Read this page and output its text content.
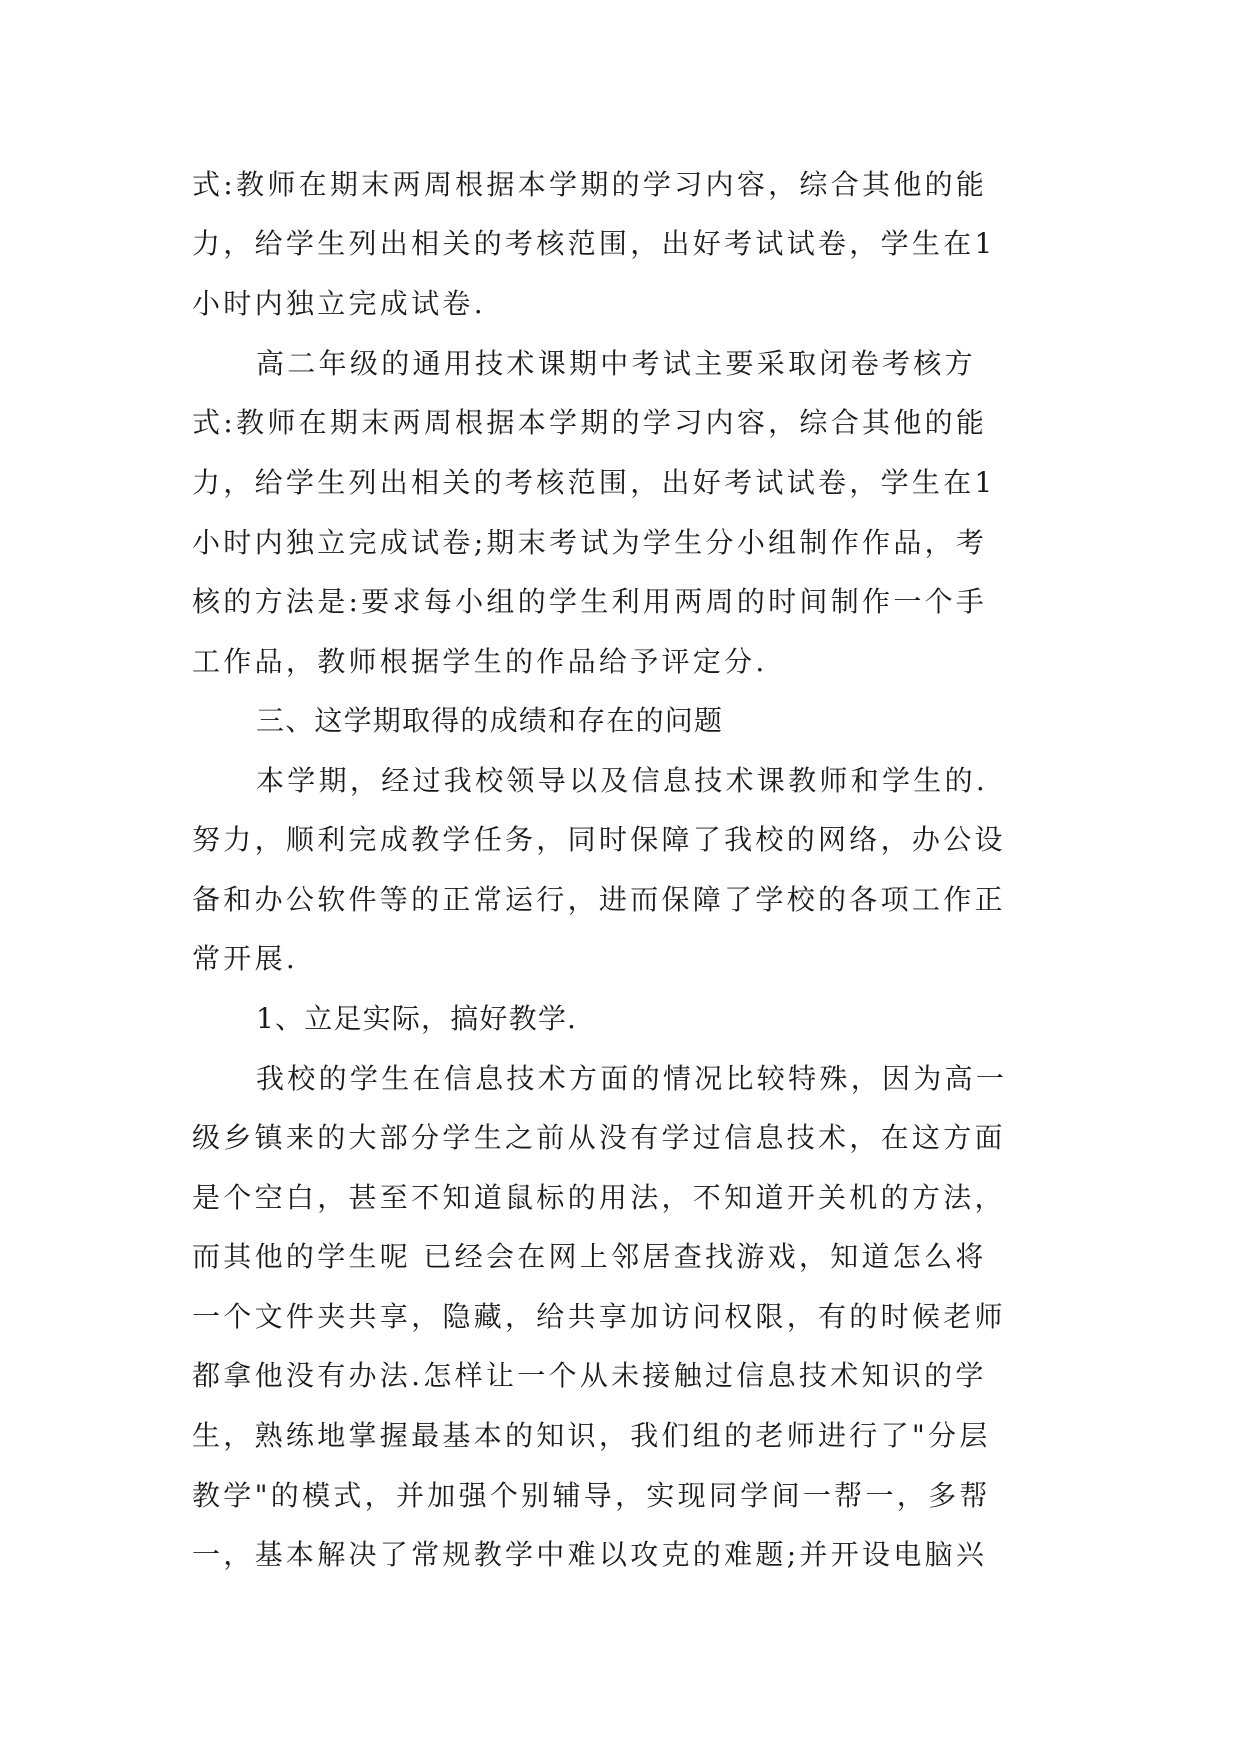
式:教师在期末两周根据本学期的学习内容，综合其他的能

力，给学生列出相关的考核范围，出好考试试卷，学生在1

小时内独立完成试卷.

高二年级的通用技术课期中考试主要采取闭卷考核方

式:教师在期末两周根据本学期的学习内容，综合其他的能

力，给学生列出相关的考核范围，出好考试试卷，学生在1

小时内独立完成试卷;期末考试为学生分小组制作作品，考

核的方法是:要求每小组的学生利用两周的时间制作一个手

工作品，教师根据学生的作品给予评定分.

三、这学期取得的成绩和存在的问题

本学期，经过我校领导以及信息技术课教师和学生的.

努力，顺利完成教学任务，同时保障了我校的网络，办公设

备和办公软件等的正常运行，进而保障了学校的各项工作正

常开展.

1、立足实际，搞好教学.

我校的学生在信息技术方面的情况比较特殊，因为高一

级乡镇来的大部分学生之前从没有学过信息技术，在这方面

是个空白，甚至不知道鼠标的用法，不知道开关机的方法，

而其他的学生呢 已经会在网上邻居查找游戏，知道怎么将

一个文件夹共享，隐藏，给共享加访问权限，有的时候老师

都拿他没有办法.怎样让一个从未接触过信息技术知识的学

生，熟练地掌握最基本的知识，我们组的老师进行了"分层

教学"的模式，并加强个别辅导，实现同学间一帮一，多帮

一，基本解决了常规教学中难以攻克的难题;并开设电脑兴
